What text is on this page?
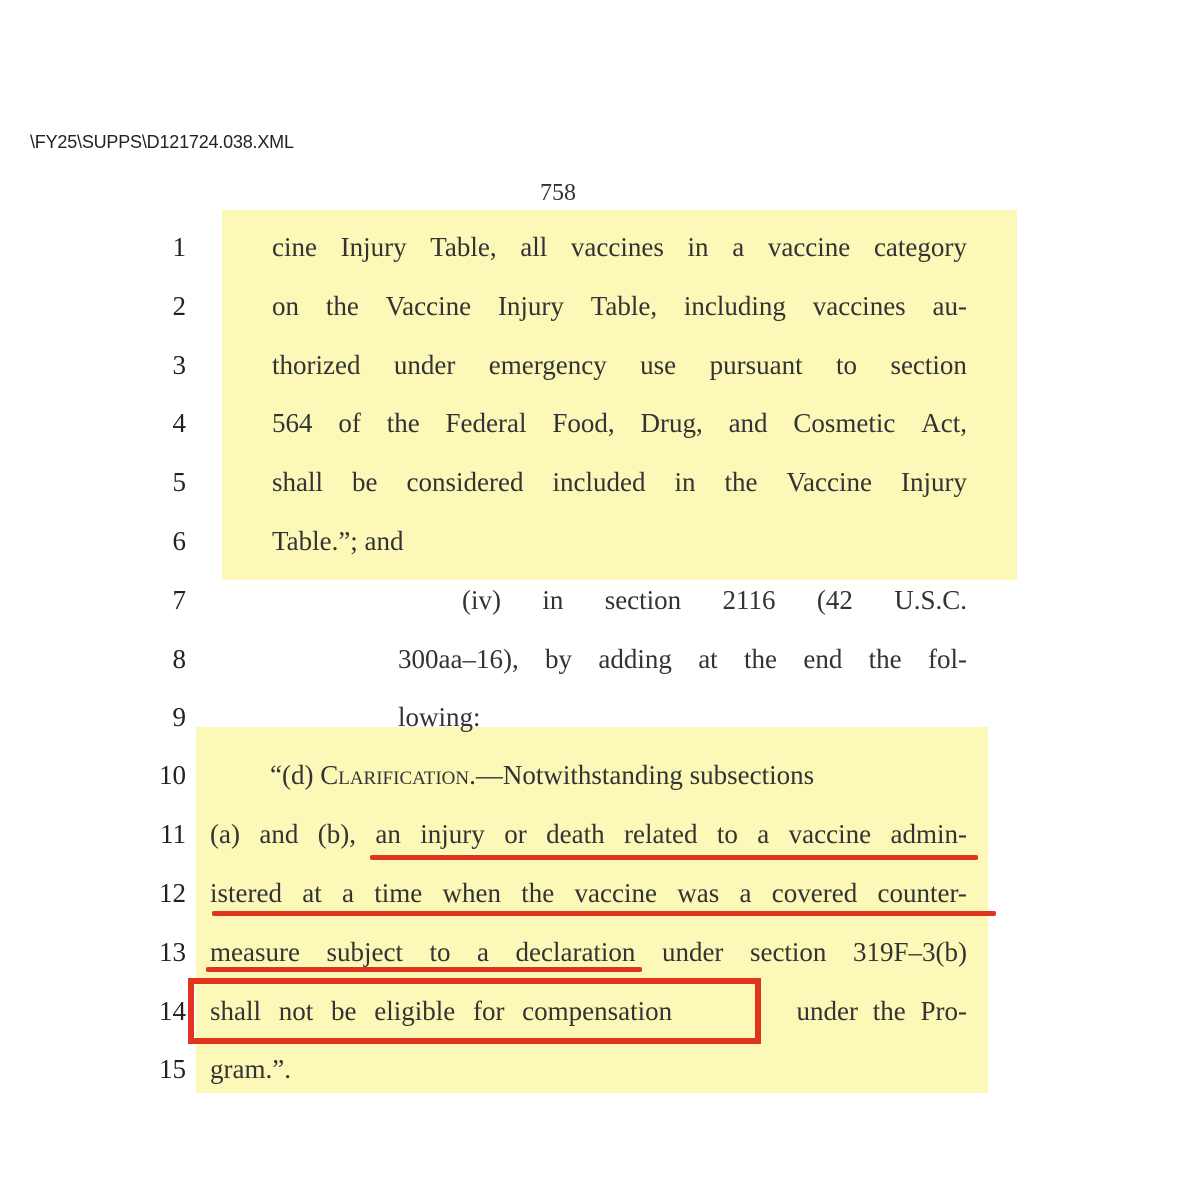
\FY25\SUPPS\D121724.038.XML
758
1
2
3
4
5
6
7
8
9
10
11
12
13
14
15
cine Injury Table, all vaccines in a vaccine category
on the Vaccine Injury Table, including vaccines au-
thorized under emergency use pursuant to section
564 of the Federal Food, Drug, and Cosmetic Act,
shall be considered included in the Vaccine Injury
Table.”; and
(iv) in section 2116 (42 U.S.C.
300aa–16), by adding at the end the fol-
lowing:
“(d) Clarification.—Notwithstanding subsections
(a) and (b), an injury or death related to a vaccine admin-
istered at a time when the vaccine was a covered counter-
measure subject to a declaration under section 319F–3(b)
shall not be eligible for compensation	under the Pro-
gram.”.
